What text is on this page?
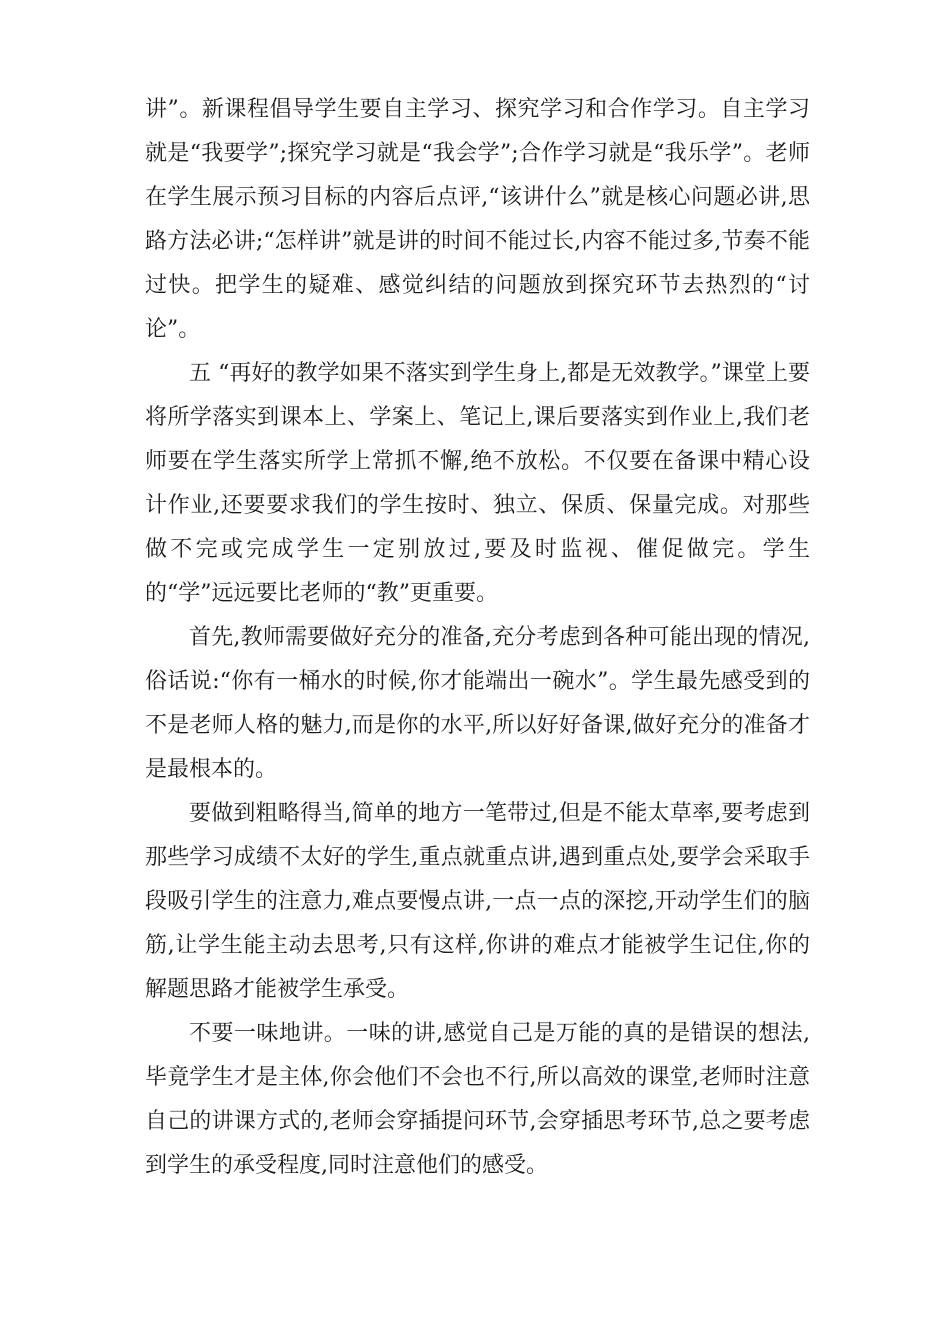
讲”。新课程倡导学生要自主学习、探究学习和合作学习。自主学习就是“我要学”;探究学习就是“我会学”;合作学习就是“我乐学”。老师在学生展示预习目标的内容后点评,“该讲什么”就是核心问题必讲,思路方法必讲;“怎样讲”就是讲的时间不能过长,内容不能过多,节奏不能过快。把学生的疑难、感觉纠结的问题放到探究环节去热烈的“讨论”。

五 “再好的教学如果不落实到学生身上,都是无效教学。”课堂上要将所学落实到课本上、学案上、笔记上,课后要落实到作业上,我们老师要在学生落实所学上常抓不懈,绝不放松。不仅要在备课中精心设计作业,还要要求我们的学生按时、独立、保质、保量完成。对那些做不完或完成学生一定别放过,要及时监视、催促做完。学生的“学”远远要比老师的“教”更重要。

首先,教师需要做好充分的准备,充分考虑到各种可能出现的情况,俗话说:“你有一桶水的时候,你才能端出一碗水”。学生最先感受到的不是老师人格的魅力,而是你的水平,所以好好备课,做好充分的准备才是最根本的。

要做到粗略得当,简单的地方一笔带过,但是不能太草率,要考虑到那些学习成绩不太好的学生,重点就重点讲,遇到重点处,要学会采取手段吸引学生的注意力,难点要慢点讲,一点一点的深挖,开动学生们的脑筋,让学生能主动去思考,只有这样,你讲的难点才能被学生记住,你的解题思路才能被学生承受。

不要一味地讲。一味的讲,感觉自己是万能的真的是错误的想法,毕竟学生才是主体,你会他们不会也不行,所以高效的课堂,老师时注意自己的讲课方式的,老师会穿插提问环节,会穿插思考环节,总之要考虑到学生的承受程度,同时注意他们的感受。
